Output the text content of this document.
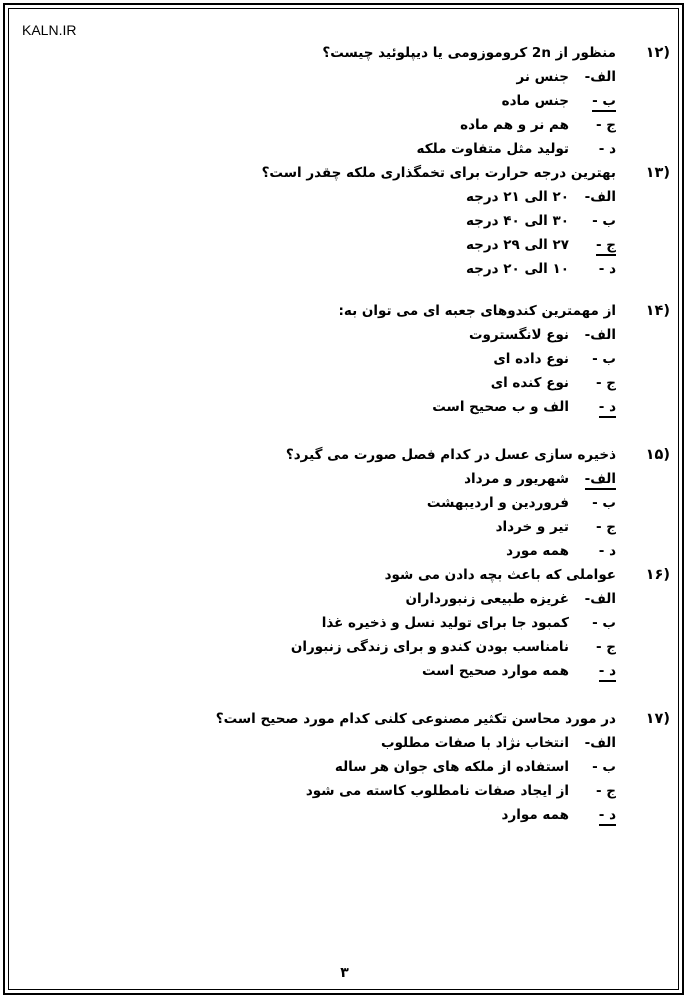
KALN.IR
۳
(۱۲
منظور از 2n کروموزومی یا دیپلوئید چیست؟
الف-
جنس نر
ب -
جنس ماده
ج -
هم نر و هم ماده
د -
تولید مثل متفاوت ملکه
(۱۳
بهترین درجه حرارت برای تخمگذاری ملکه چقدر است؟
الف-
۲۰ الی ۲۱ درجه
ب -
۳۰ الی ۴۰ درجه
ج -
۲۷ الی ۲۹ درجه
د -
۱۰ الی ۲۰ درجه
(۱۴
از مهمترین کندوهای جعبه ای می توان به:
الف-
نوع لانگستروت
ب -
نوع داده ای
ج -
نوع کنده ای
د -
الف و ب صحیح است
(۱۵
ذخیره سازی عسل در کدام فصل صورت می گیرد؟
الف-
شهریور و مرداد
ب -
فروردین و اردیبهشت
ج -
تیر و خرداد
د -
همه مورد
(۱۶
عواملی که باعث بچه دادن می شود
الف-
غریزه طبیعی زنبورداران
ب -
کمبود جا برای تولید نسل و ذخیره غذا
ج -
نامناسب بودن کندو و برای زندگی زنبوران
د -
همه موارد صحیح است
(۱۷
در مورد محاسن تکثیر مصنوعی کلنی کدام مورد صحیح است؟
الف-
انتخاب نژاد با صفات مطلوب
ب -
استفاده از ملکه های جوان هر ساله
ج -
از ایجاد صفات نامطلوب کاسته می شود
د -
همه موارد
